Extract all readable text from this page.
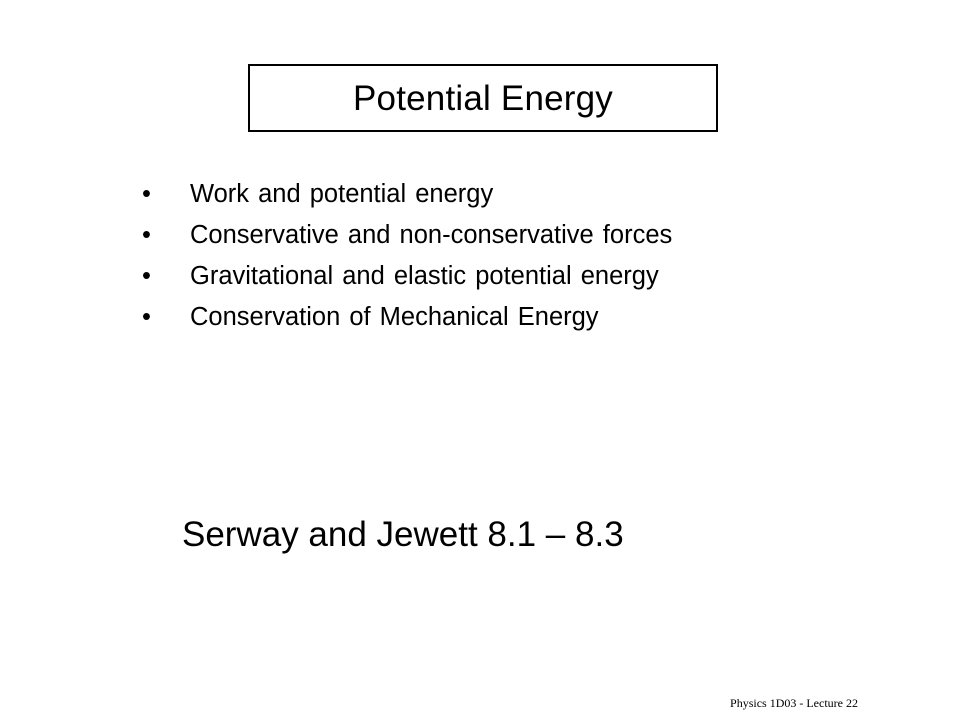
Potential Energy
•	Work and potential energy
•	Conservative and non-conservative forces
•	Gravitational and elastic potential energy
•	Conservation of Mechanical Energy
Serway and Jewett 8.1 – 8.3
Physics 1D03 - Lecture 22
